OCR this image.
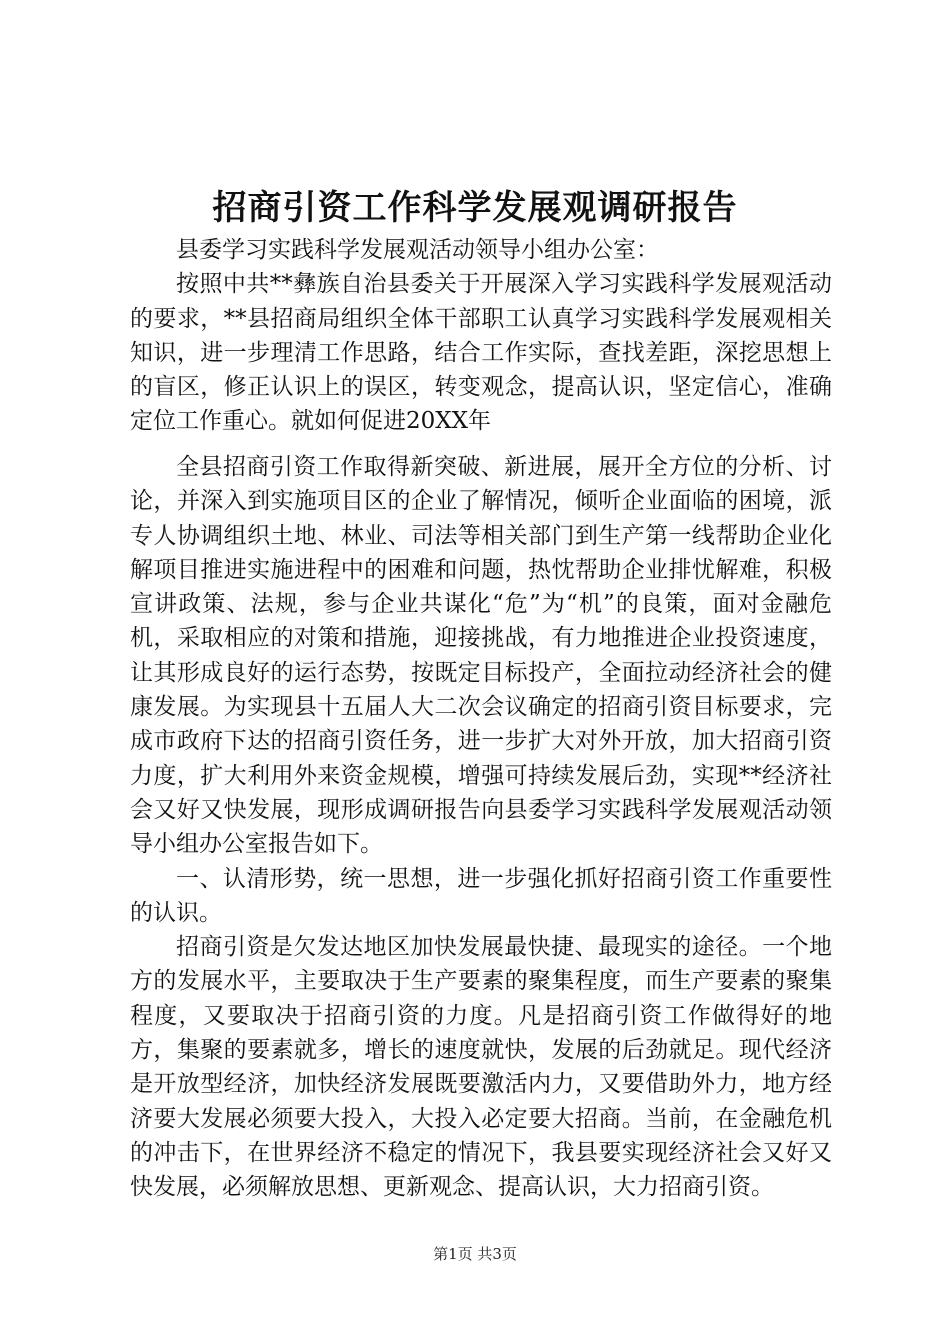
招商引资工作科学发展观调研报告

县委学习实践科学发展观活动领导小组办公室：

按照中共**彝族自治县委关于开展深入学习实践科学发展观活动的要求，**县招商局组织全体干部职工认真学习实践科学发展观相关知识，进一步理清工作思路，结合工作实际，查找差距，深挖思想上的盲区，修正认识上的误区，转变观念，提高认识，坚定信心，准确定位工作重心。就如何促进20XX年

全县招商引资工作取得新突破、新进展，展开全方位的分析、讨论，并深入到实施项目区的企业了解情况，倾听企业面临的困境，派专人协调组织土地、林业、司法等相关部门到生产第一线帮助企业化解项目推进实施进程中的困难和问题，热忱帮助企业排忧解难，积极宣讲政策、法规，参与企业共谋化“危”为“机”的良策，面对金融危机，采取相应的对策和措施，迎接挑战，有力地推进企业投资速度，让其形成良好的运行态势，按既定目标投产，全面拉动经济社会的健康发展。为实现县十五届人大二次会议确定的招商引资目标要求，完成市政府下达的招商引资任务，进一步扩大对外开放，加大招商引资力度，扩大利用外来资金规模，增强可持续发展后劲，实现**经济社会又好又快发展，现形成调研报告向县委学习实践科学发展观活动领导小组办公室报告如下。

一、认清形势，统一思想，进一步强化抓好招商引资工作重要性的认识。

招商引资是欠发达地区加快发展最快捷、最现实的途径。一个地方的发展水平，主要取决于生产要素的聚集程度，而生产要素的聚集程度，又要取决于招商引资的力度。凡是招商引资工作做得好的地方，集聚的要素就多，增长的速度就快，发展的后劲就足。现代经济是开放型经济，加快经济发展既要激活内力，又要借助外力，地方经济要大发展必须要大投入，大投入必定要大招商。当前，在金融危机的冲击下，在世界经济不稳定的情况下，我县要实现经济社会又好又快发展，必须解放思想、更新观念、提高认识，大力招商引资。

第1页 共3页
